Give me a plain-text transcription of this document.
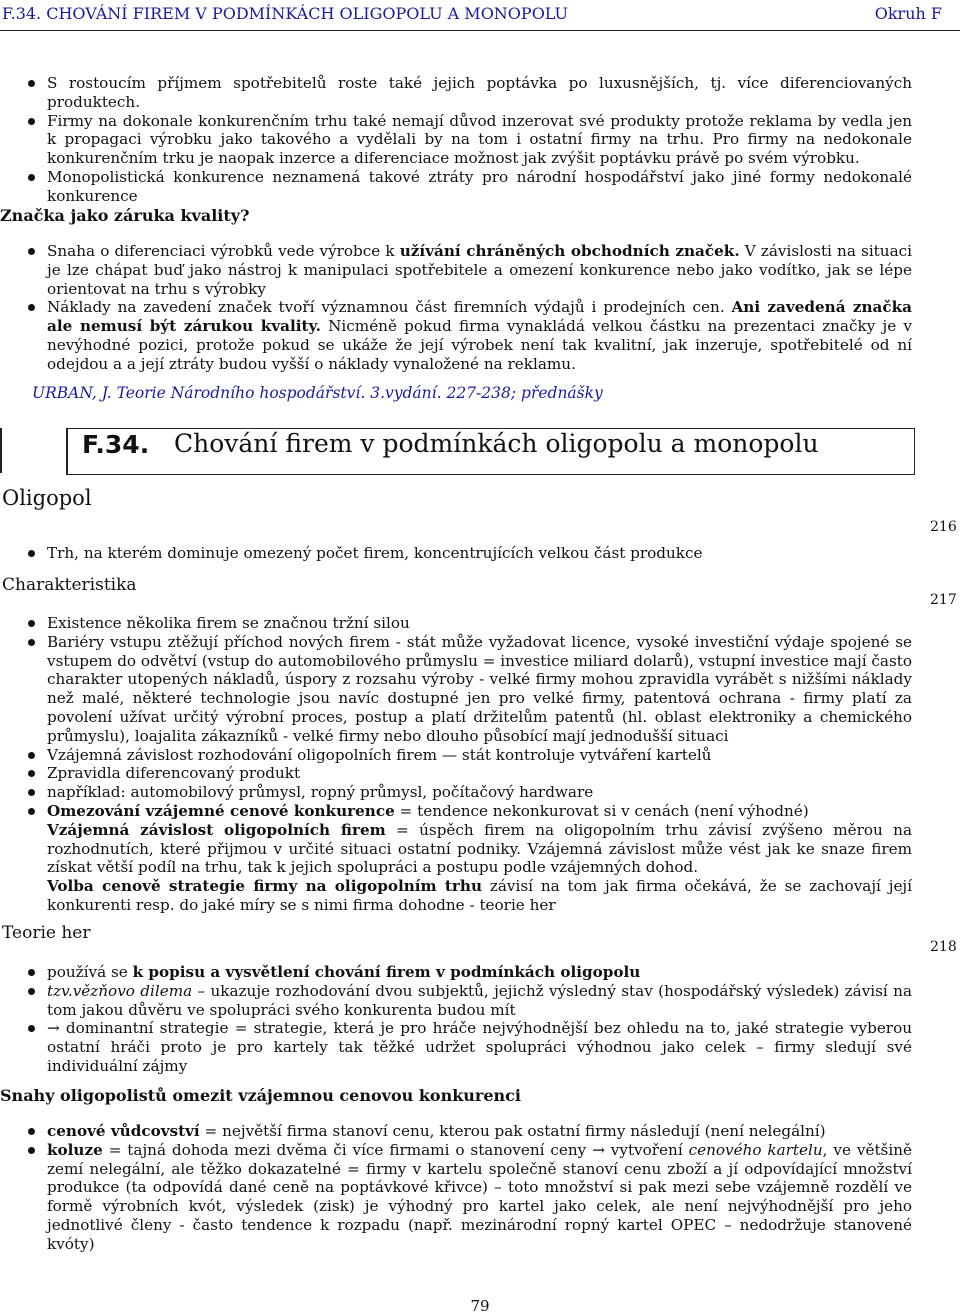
F.34. CHOVÁNÍ FIREM V PODMÍNKÁCH OLIGOPOLU A MONOPOLU	Okruh F
S rostoucím příjmem spotřebitelů roste také jejich poptávka po luxusnějších, tj. více diferenciovaných produktech.
Firmy na dokonale konkurenčním trhu také nemají důvod inzerovat své produkty protože reklama by vedla jen k propagaci výrobku jako takového a vydělali by na tom i ostatní firmy na trhu. Pro firmy na nedokonale konkurenčním trku je naopak inzerce a diferenciace možnost jak zvýšit poptávku právě po svém výrobku.
Monopolistická konkurence neznamená takové ztráty pro národní hospodářství jako jiné formy nedokonalé konkurence
Značka jako záruka kvality?
Snaha o diferenciaci výrobků vede výrobce k užívání chráněných obchodních značek. V závislosti na situaci je lze chápat buď jako nástroj k manipulaci spotřebitele a omezení konkurence nebo jako vodítko, jak se lépe orientovat na trhu s výrobky
Náklady na zavedení značek tvoří významnou část firemních výdajů i prodejních cen. Ani zavedená značka ale nemusí být zárukou kvality. Nicméně pokud firma vynakládá velkou částku na prezentaci značky je v nevýhodné pozici, protože pokud se ukáže že její výrobek není tak kvalitní, jak inzeruje, spotřebitelé od ní odejdou a a její ztráty budou vyšší o náklady vynaložené na reklamu.
URBAN, J. Teorie Národního hospodářství. 3.vydání. 227-238; přednášky
F.34. Chování firem v podmínkách oligopolu a monopolu
Oligopol
216
Trh, na kterém dominuje omezený počet firem, koncentrujících velkou část produkce
Charakteristika
217
Existence několika firem se značnou tržní silou
Bariéry vstupu ztěžují příchod nových firem - stát může vyžadovat licence, vysoké investiční výdaje spojené se vstupem do odvětví (vstup do automobilového průmyslu = investice miliard dolarů), vstupní investice mají často charakter utopených nákladů, úspory z rozsahu výroby - velké firmy mohou zpravidla vyrábět s nižšími náklady než malé, některé technologie jsou navíc dostupné jen pro velké firmy, patentová ochrana - firmy platí za povolení užívat určitý výrobní proces, postup a platí držitelům patentů (hl. oblast elektroniky a chemického průmyslu), loajalita zákazníků - velké firmy nebo dlouho působící mají jednodušší situaci
Vzájemná závislost rozhodování oligopolních firem — stát kontroluje vytváření kartelů
Zpravidla diferencovaný produkt
například: automobilový průmysl, ropný průmysl, počítačový hardware
Omezování vzájemné cenové konkurence = tendence nekonkurovat si v cenách (není výhodné)
Vzájemná závislost oligopolních firem = úspěch firem na oligopolním trhu závisí zvýšeno měrou na rozhodnutích, které přijmou v určité situaci ostatní podniky. Vzájemná závislost může vést jak ke snaze firem získat větší podíl na trhu, tak k jejich spolupráci a postupu podle vzájemných dohod.
Volba cenově strategie firmy na oligopolním trhu závisí na tom jak firma očekává, že se zachovají její konkurenti resp. do jaké míry se s nimi firma dohodne - teorie her
Teorie her
218
používá se k popisu a vysvětlení chování firem v podmínkách oligopolu
tzv.vězňovo dilema – ukazuje rozhodování dvou subjektů, jejichž výsledný stav (hospodářský výsledek) závisí na tom jakou důvěru ve spolupráci svého konkurenta budou mít
→ dominantní strategie = strategie, která je pro hráče nejvýhodnější bez ohledu na to, jaké strategie vyberou ostatní hráči proto je pro kartely tak těžké udržet spolupráci výhodnou jako celek – firmy sledují své individuální zájmy
Snahy oligopolistů omezit vzájemnou cenovou konkurenci
cenové vůdcovství = největší firma stanoví cenu, kterou pak ostatní firmy následují (není nelegální)
koluze = tajná dohoda mezi dvěma či více firmami o stanovení ceny → vytvoření cenového kartelu, ve většině zemí nelegální, ale těžko dokazatelné = firmy v kartelu společně stanoví cenu zboží a jí odpovídající množství produkce (ta odpovídá dané ceně na poptávkové křivce) – toto množství si pak mezi sebe vzájemně rozdělí ve formě výrobních kvót, výsledek (zisk) je výhodný pro kartel jako celek, ale není nejvýhodnější pro jeho jednotlivé členy - často tendence k rozpadu (např. mezinárodní ropný kartel OPEC – nedodržuje stanovené kvóty)
79
